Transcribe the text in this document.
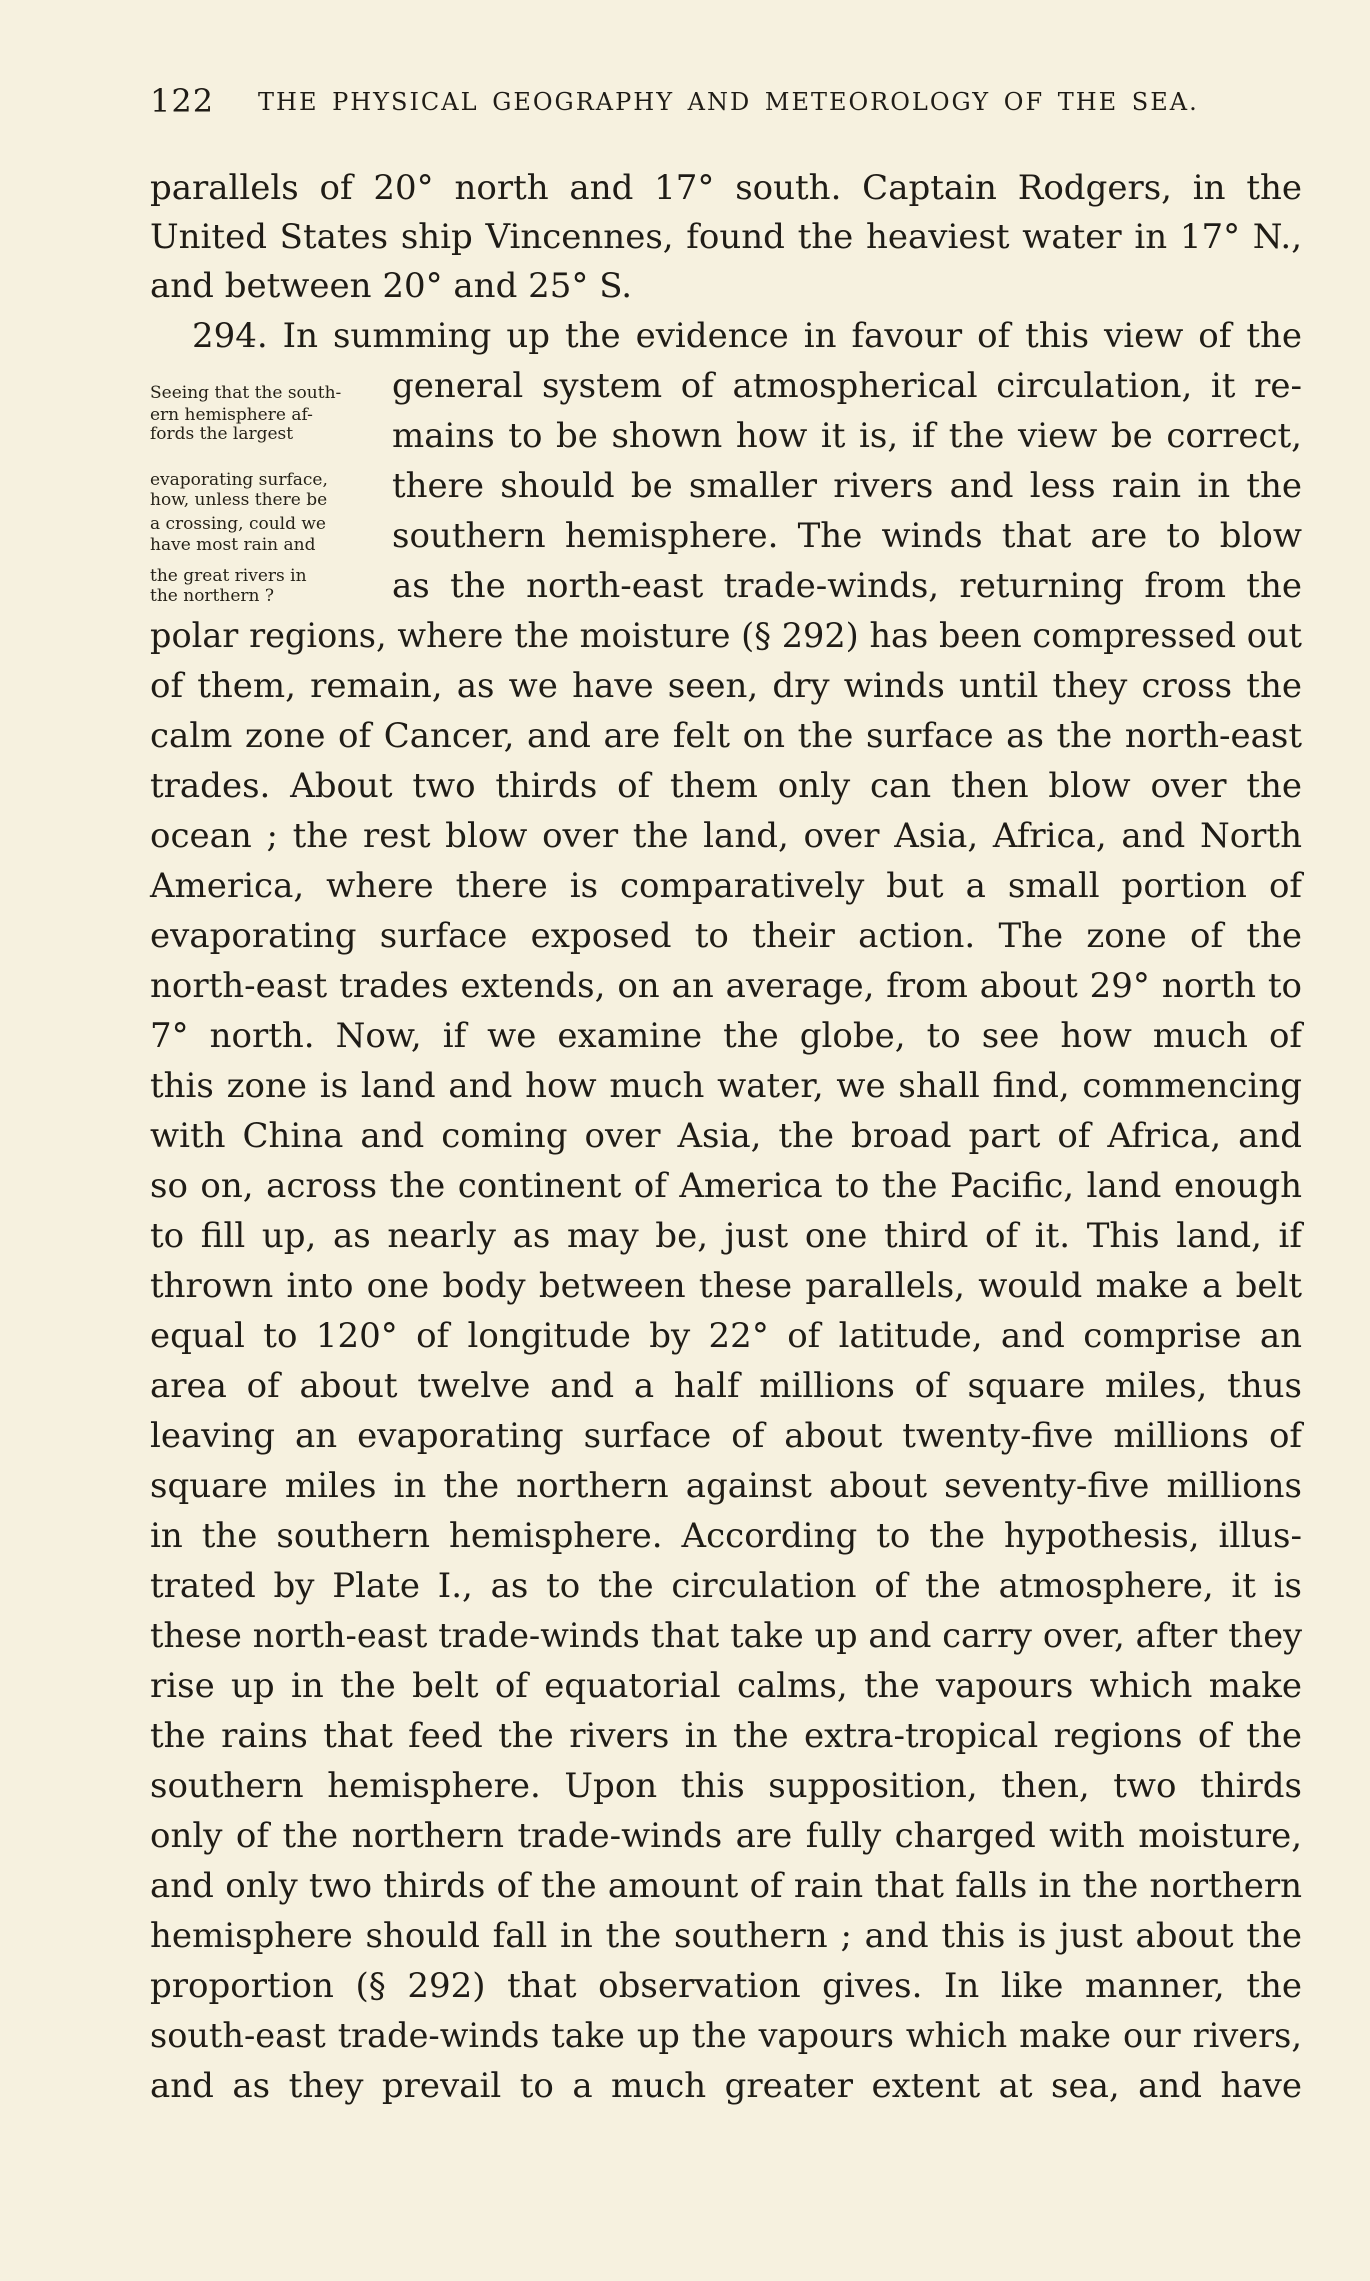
122 THE PHYSICAL GEOGRAPHY AND METEOROLOGY OF THE SEA.
Seeing that the south-
ern hemisphere af-
fords the largest
evaporating surface,
how, unless there be
a crossing, could we
have most rain and
the great rivers in
the northern ?
parallels of 20° north and 17° south. Captain Rodgers, in the
United States ship Vincennes, found the heaviest water in 17° N.,
and between 20° and 25° S.
294. In summing up the evidence in favour of this view of the
general system of atmospherical circulation, it re-
mains to be shown how it is, if the view be correct,
there should be smaller rivers and less rain in the
southern hemisphere. The winds that are to blow
as the north-east trade-winds, returning from the
polar regions, where the moisture (§ 292) has been compressed out
of them, remain, as we have seen, dry winds until they cross the
calm zone of Cancer, and are felt on the surface as the north-east
trades. About two thirds of them only can then blow over the
ocean ; the rest blow over the land, over Asia, Africa, and North
America, where there is comparatively but a small portion of
evaporating surface exposed to their action. The zone of the
north-east trades extends, on an average, from about 29° north to
7° north. Now, if we examine the globe, to see how much of
this zone is land and how much water, we shall find, commencing
with China and coming over Asia, the broad part of Africa, and
so on, across the continent of America to the Pacific, land enough
to fill up, as nearly as may be, just one third of it. This land, if
thrown into one body between these parallels, would make a belt
equal to 120° of longitude by 22° of latitude, and comprise an
area of about twelve and a half millions of square miles, thus
leaving an evaporating surface of about twenty-five millions of
square miles in the northern against about seventy-five millions
in the southern hemisphere. According to the hypothesis, illus-
trated by Plate I., as to the circulation of the atmosphere, it is
these north-east trade-winds that take up and carry over, after they
rise up in the belt of equatorial calms, the vapours which make
the rains that feed the rivers in the extra-tropical regions of the
southern hemisphere. Upon this supposition, then, two thirds
only of the northern trade-winds are fully charged with moisture,
and only two thirds of the amount of rain that falls in the northern
hemisphere should fall in the southern ; and this is just about the
proportion (§ 292) that observation gives. In like manner, the
south-east trade-winds take up the vapours which make our rivers,
and as they prevail to a much greater extent at sea, and have
